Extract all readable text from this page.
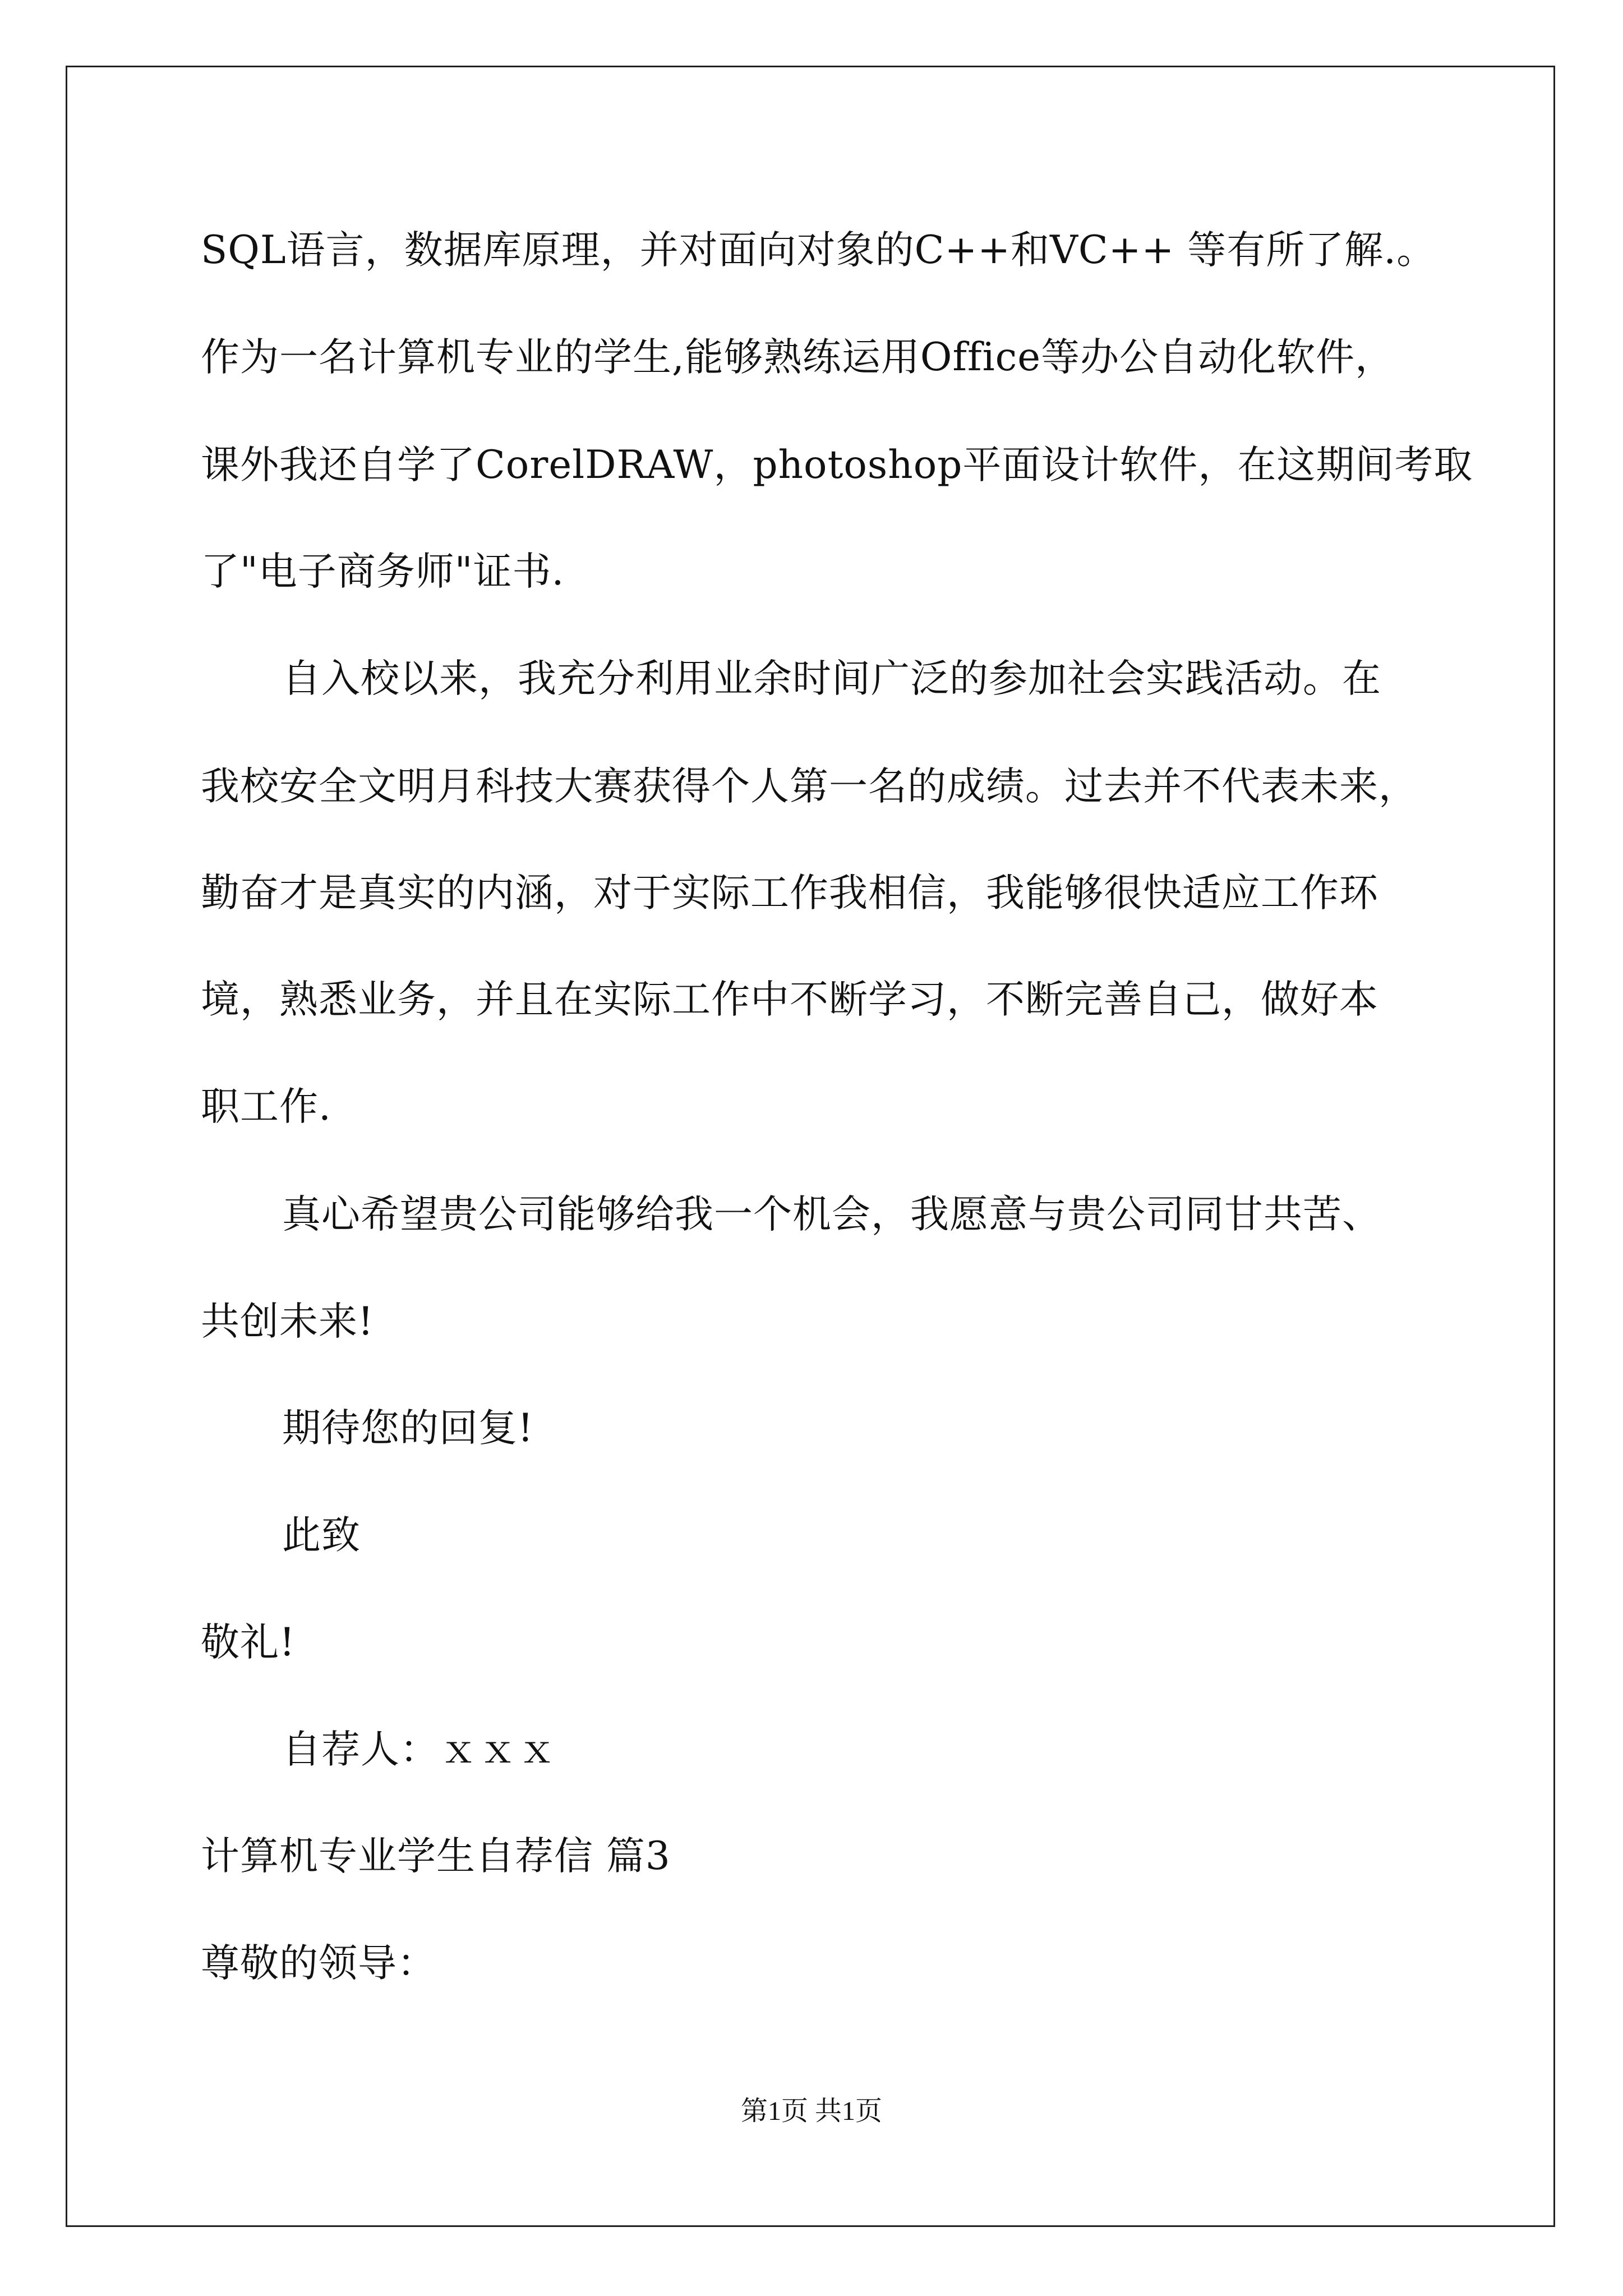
SQL语言，数据库原理，并对面向对象的C++和VC++ 等有所了解.。
作为一名计算机专业的学生,能够熟练运用Office等办公自动化软件，
课外我还自学了CorelDRAW，photoshop平面设计软件，在这期间考取
了"电子商务师"证书.
自入校以来，我充分利用业余时间广泛的参加社会实践活动。在
我校安全文明月科技大赛获得个人第一名的成绩。过去并不代表未来，
勤奋才是真实的内涵，对于实际工作我相信，我能够很快适应工作环
境，熟悉业务，并且在实际工作中不断学习，不断完善自己，做好本
职工作.
真心希望贵公司能够给我一个机会，我愿意与贵公司同甘共苦、
共创未来!
期待您的回复!
此致
敬礼!
自荐人：ｘｘｘ
计算机专业学生自荐信 篇3
尊敬的领导：
第1页 共1页
